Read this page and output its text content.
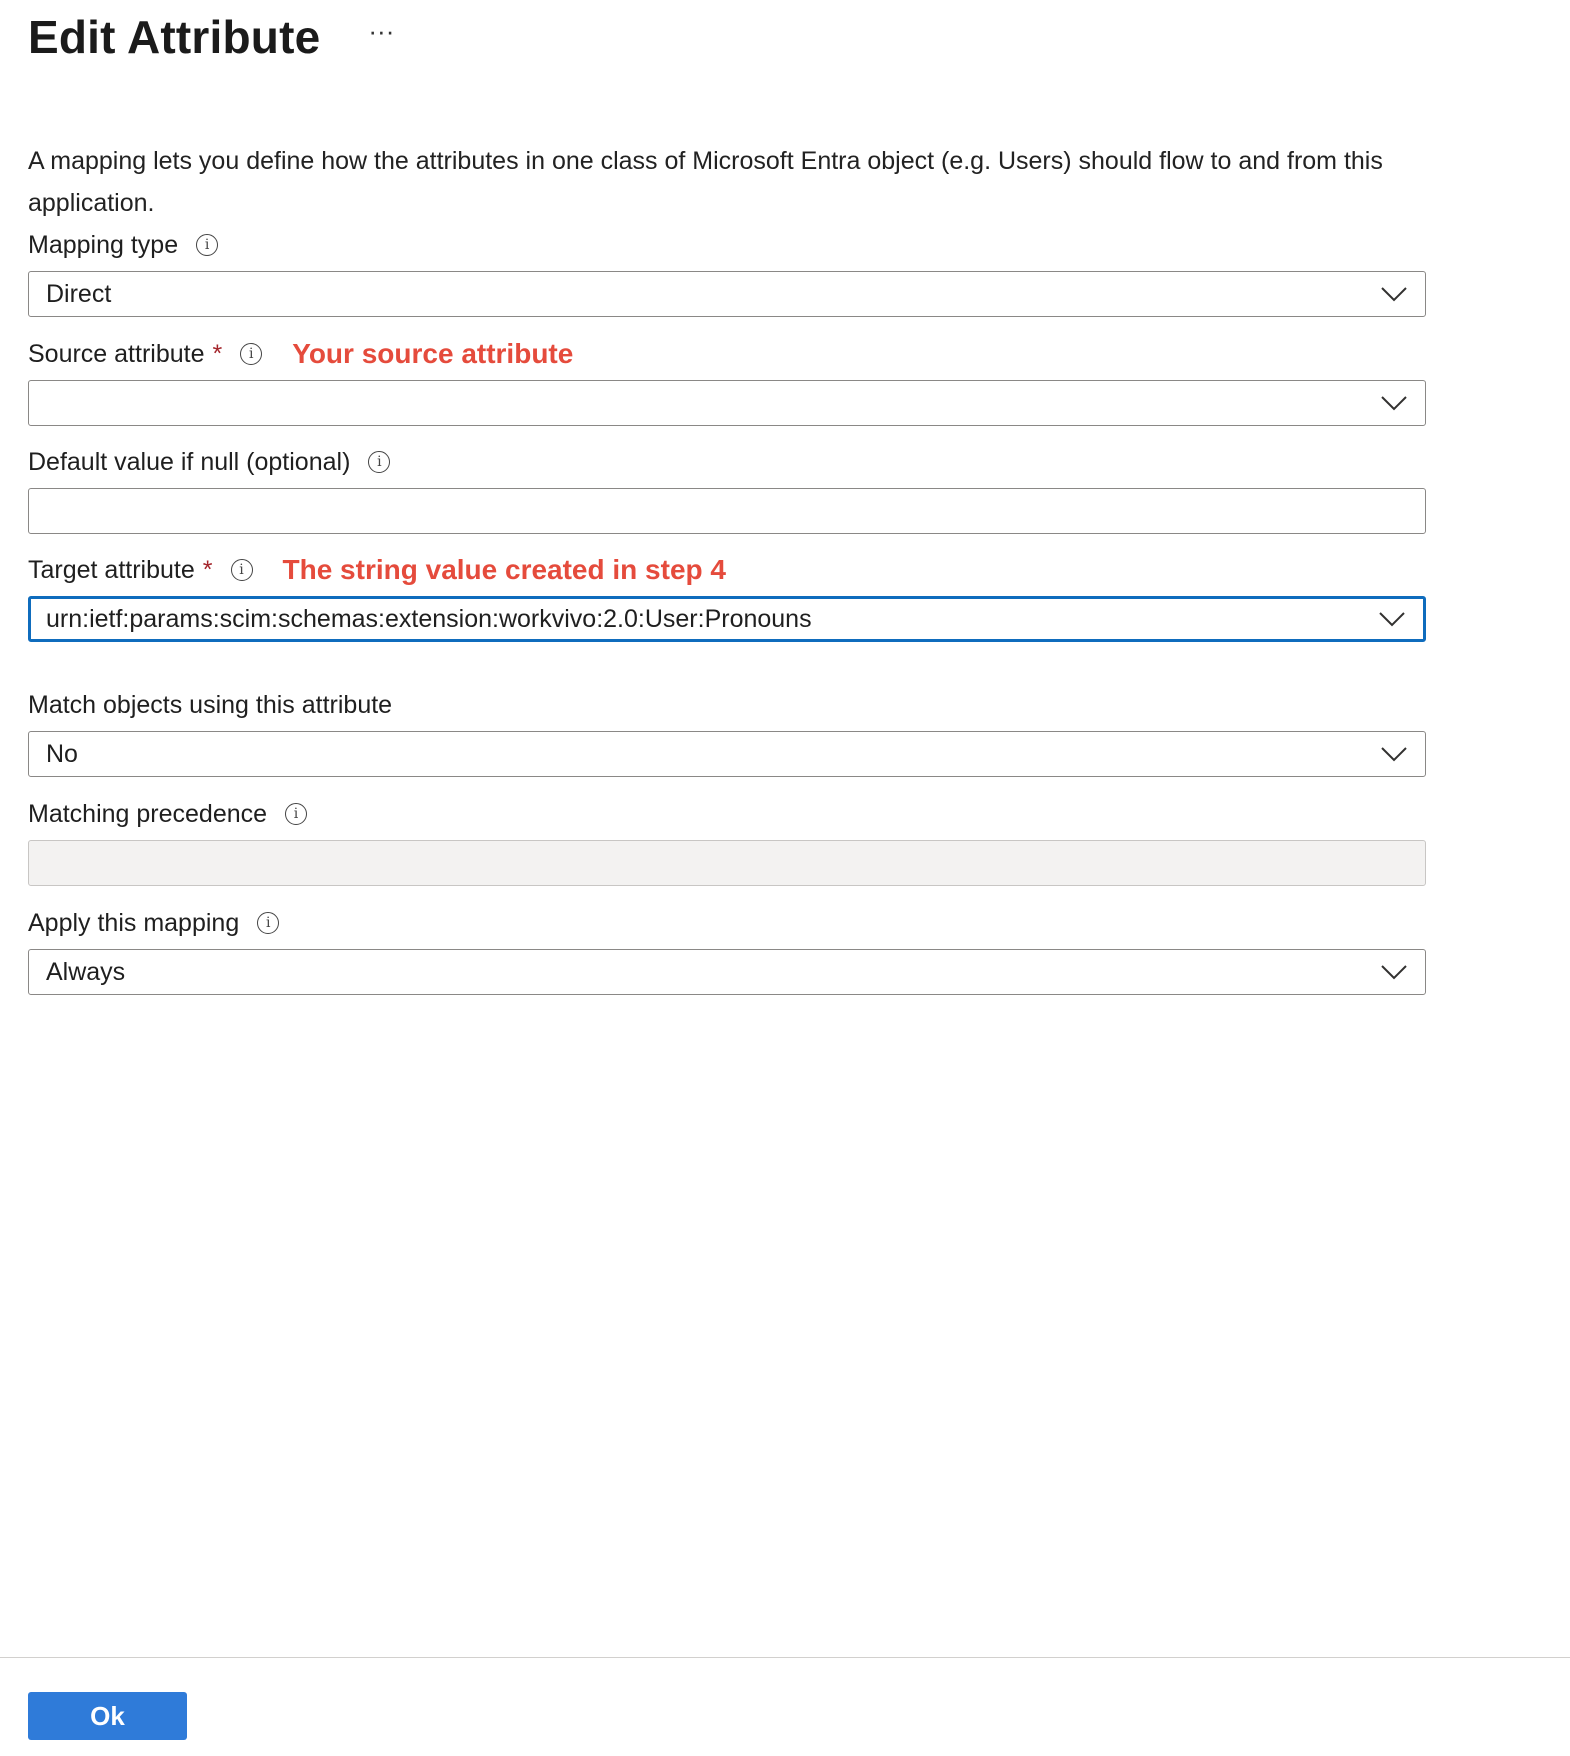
Edit Attribute ···
A mapping lets you define how the attributes in one class of Microsoft Entra object (e.g. Users) should flow to and from this application.
Mapping type	i
Direct
Source attribute *	i	Your source attribute
Default value if null (optional)	i
Target attribute *	i	The string value created in step 4
urn:ietf:params:scim:schemas:extension:workvivo:2.0:User:Pronouns
Match objects using this attribute
No
Matching precedence	i
Apply this mapping	i
Always
Ok
